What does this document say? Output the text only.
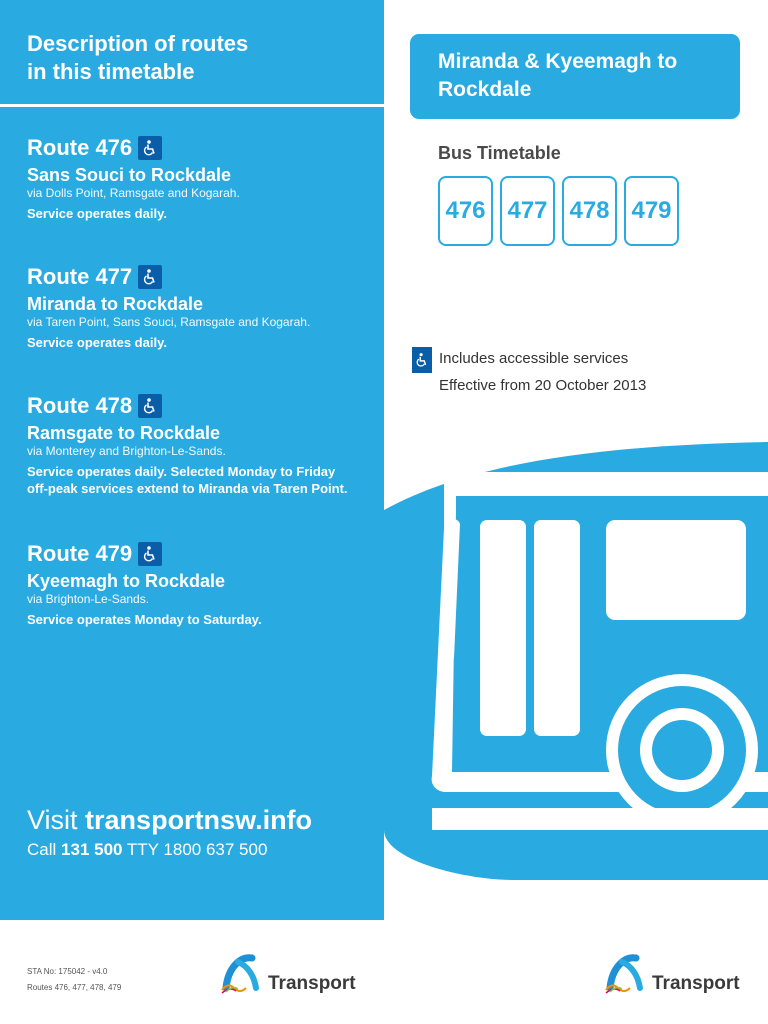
Description of routes
in this timetable
Route 476
Sans Souci to Rockdale
via Dolls Point, Ramsgate and Kogarah.
Service operates daily.
Route 477
Miranda to Rockdale
via Taren Point, Sans Souci, Ramsgate and Kogarah.
Service operates daily.
Route 478
Ramsgate to Rockdale
via Monterey and Brighton-Le-Sands.
Service operates daily. Selected Monday to Friday
off-peak services extend to Miranda via Taren Point.
Route 479
Kyeemagh to Rockdale
via Brighton-Le-Sands.
Service operates Monday to Saturday.
Visit transportnsw.info
Call 131 500 TTY 1800 637 500
STA No: 175042 - v4.0
Routes 476, 477, 478, 479	Transport
Miranda & Kyeemagh to
Rockdale
Bus Timetable
476 477 478 479
Includes accessible services
Effective from 20 October 2013
Transport
